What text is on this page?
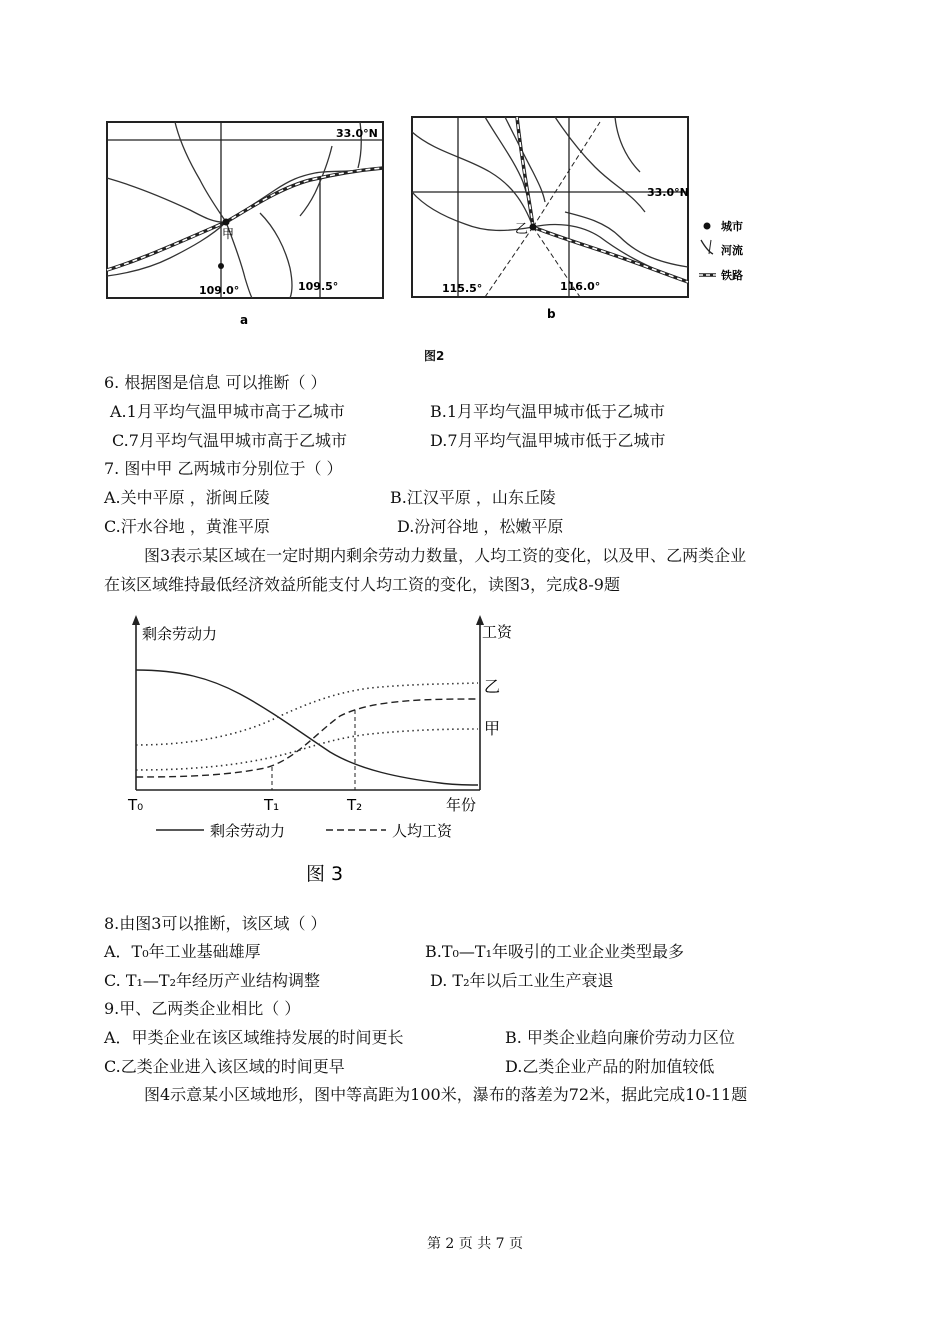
33.0°N
甲
109.0°	109.5°
a
乙
33.0°N
115.5°	116.0°
b
城市
河流
铁路
图2
6. 根据图是信息 可以推断（ ）
A.1月平均气温甲城市高于乙城市	B.1月平均气温甲城市低于乙城市
C.7月平均气温甲城市高于乙城市	D.7月平均气温甲城市低于乙城市
7. 图中甲 乙两城市分别位于（ ）
A.关中平原 ，浙闽丘陵	B.江汉平原 ，山东丘陵
C.汗水谷地 ，黄淮平原	D.汾河谷地 ，松嫩平原
图3表示某区域在一定时期内剩余劳动力数量，人均工资的变化，以及甲、乙两类企业
在该区域维持最低经济效益所能支付人均工资的变化，读图3，完成8-9题
剩余劳动力	工资
乙
甲
T₀	T₁	T₂	年份
剩余劳动力	人均工资
图 3
8.由图3可以推断，该区域（ ）
A．T₀年工业基础雄厚	B.T₀—T₁年吸引的工业企业类型最多
C. T₁—T₂年经历产业结构调整	D. T₂年以后工业生产衰退
9.甲、乙两类企业相比（ ）
A．甲类企业在该区域维持发展的时间更长	B. 甲类企业趋向廉价劳动力区位
C.乙类企业进入该区域的时间更早	D.乙类企业产品的附加值较低
图4示意某小区域地形，图中等高距为100米，瀑布的落差为72米，据此完成10-11题
第 2 页 共 7 页
